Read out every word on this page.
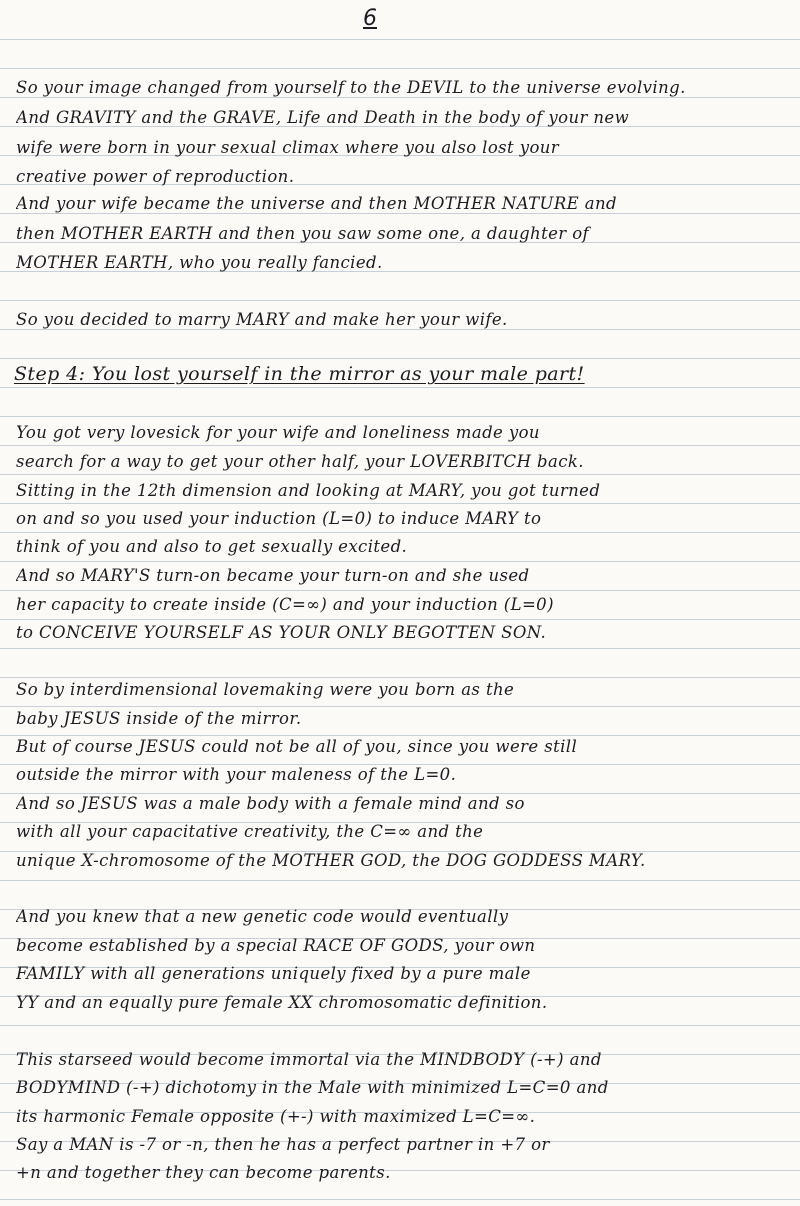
6
So your image changed from yourself to the DEVIL to the universe evolving.
And GRAVITY and the GRAVE, Life and Death in the body of your new
wife were born in your sexual climax where you also lost your
creative power of reproduction.
And your wife became the universe and then MOTHER NATURE and
then MOTHER EARTH and then you saw some one, a daughter of
MOTHER EARTH, who you really fancied.
So you decided to marry MARY and make her your wife.
Step 4: You lost yourself in the mirror as your male part!
You got very lovesick for your wife and loneliness made you
search for a way to get your other half, your LOVERBITCH back.
Sitting in the 12th dimension and looking at MARY, you got turned
on and so you used your induction (L=0) to induce MARY to
think of you and also to get sexually excited.
And so MARY'S turn-on became your turn-on and she used
her capacity to create inside (C=∞) and your induction (L=0)
to CONCEIVE YOURSELF AS YOUR ONLY BEGOTTEN SON.
So by interdimensional lovemaking were you born as the
baby JESUS inside of the mirror.
But of course JESUS could not be all of you, since you were still
outside the mirror with your maleness of the L=0.
And so JESUS was a male body with a female mind and so
with all your capacitative creativity, the C=∞ and the
unique X-chromosome of the MOTHER GOD, the DOG GODDESS MARY.
And you knew that a new genetic code would eventually
become established by a special RACE OF GODS, your own
FAMILY with all generations uniquely fixed by a pure male
YY and an equally pure female XX chromosomatic definition.
This starseed would become immortal via the MINDBODY (-+) and
BODYMIND (-+) dichotomy in the Male with minimized L=C=0 and
its harmonic Female opposite (+-) with maximized L=C=∞.
Say a MAN is -7 or -n, then he has a perfect partner in +7 or
+n and together they can become parents.
